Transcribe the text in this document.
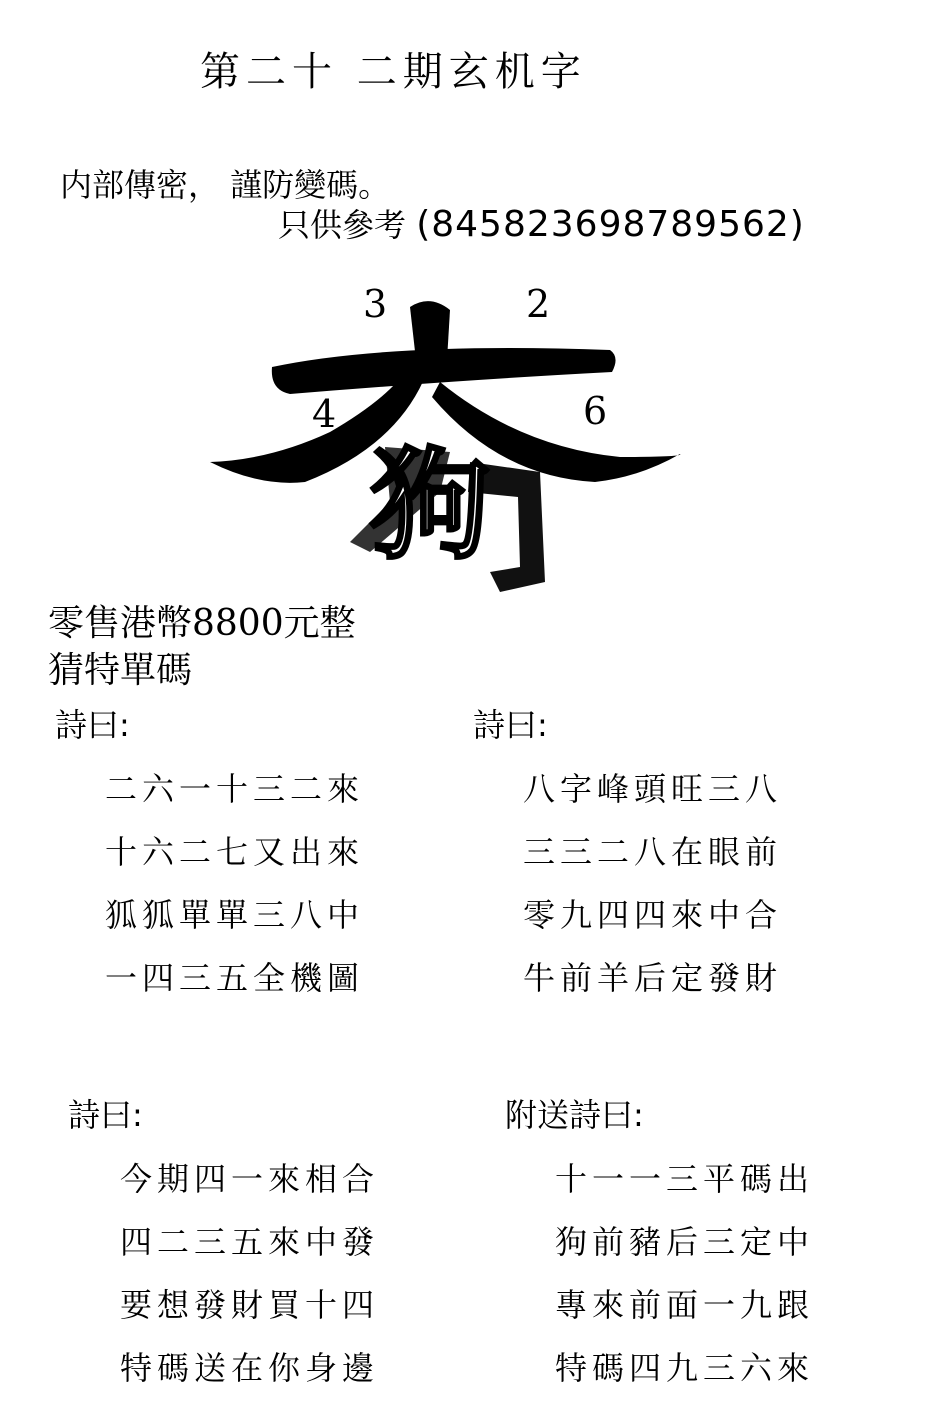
第二十 二期玄机字
内部傳密， 謹防變碼。
只供參考 (845823698789562)
3	2
4	6
狗
零售港幣8800元整
猜特單碼
詩曰:
二六一十三二來
十六二七又出來
狐狐單單三八中
一四三五全機圖
詩曰:
八字峰頭旺三八
三三二八在眼前
零九四四來中合
牛前羊后定發財
詩曰:
今期四一來相合
四二三五來中發
要想發財買十四
特碼送在你身邊
附送詩曰:
十一一三平碼出
狗前豬后三定中
專來前面一九跟
特碼四九三六來
